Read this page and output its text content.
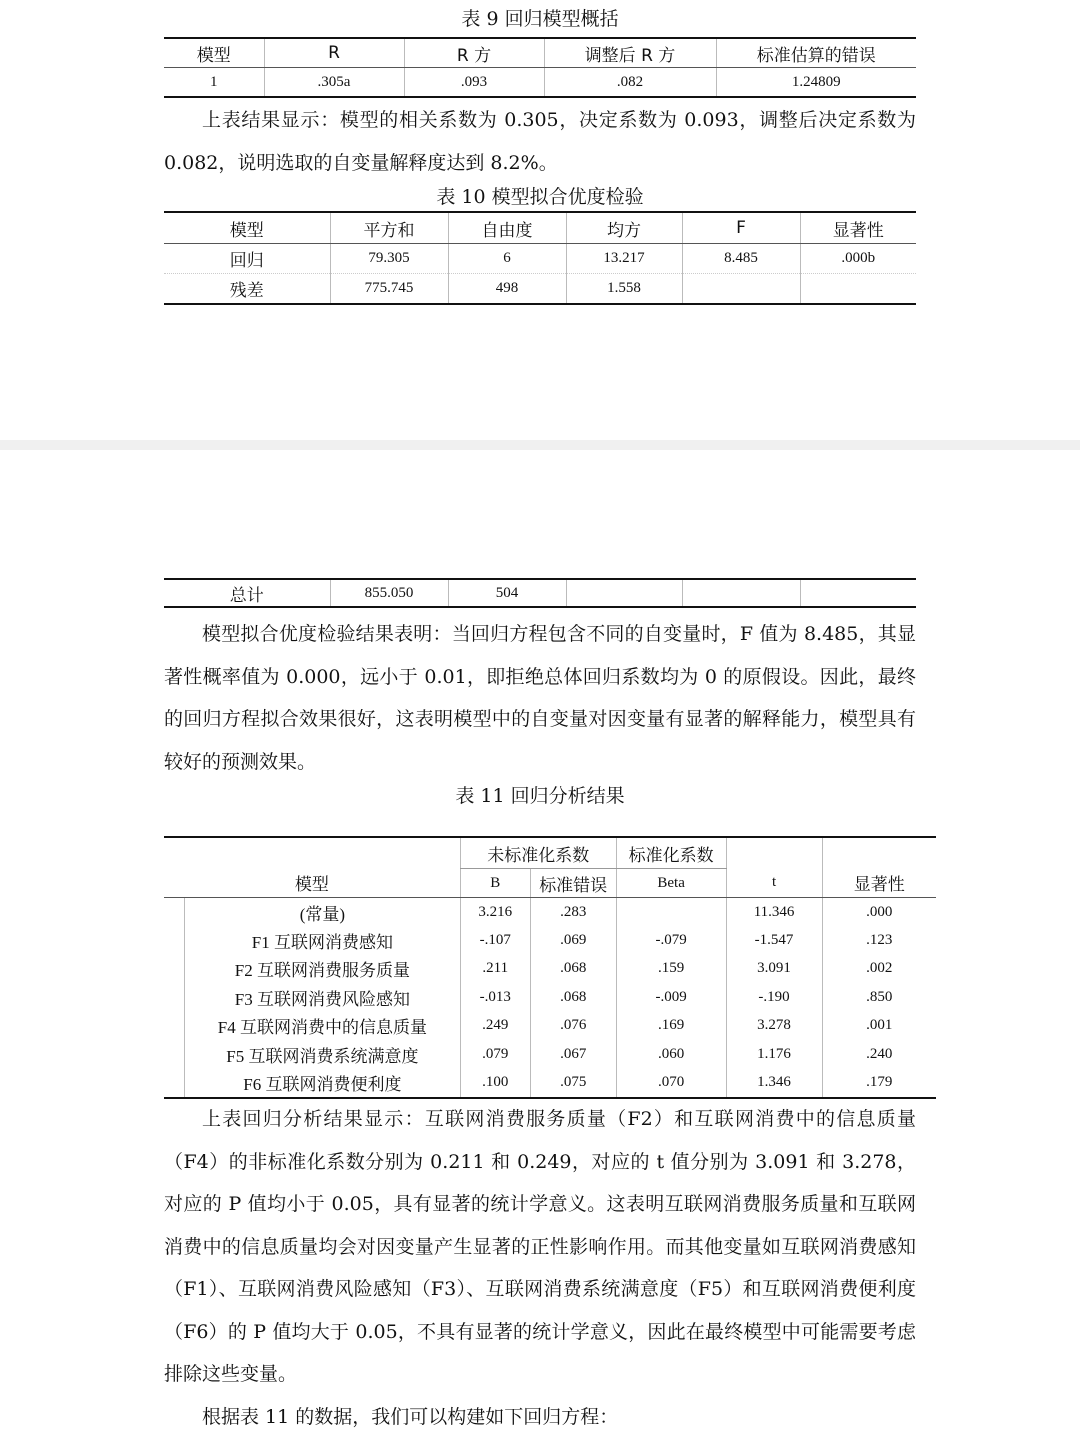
表 9 回归模型概括
模型	R	R 方	调整后 R 方	标准估算的错误
1	.305a	.093	.082	1.24809

上表结果显示：模型的相关系数为 0.305，决定系数为 0.093，调整后决定系数为 0.082，说明选取的自变量解释度达到 8.2%。

表 10 模型拟合优度检验
模型	平方和	自由度	均方	F	显著性
回归	79.305	6	13.217	8.485	.000b
残差	775.745	498	1.558		
总计	855.050	504			

模型拟合优度检验结果表明：当回归方程包含不同的自变量时，F 值为 8.485，其显著性概率值为 0.000，远小于 0.01，即拒绝总体回归系数均为 0 的原假设。因此，最终的回归方程拟合效果很好，这表明模型中的自变量对因变量有显著的解释能力，模型具有较好的预测效果。

表 11 回归分析结果
		未标准化系数		标准化系数		
模型		B	标准错误	Beta	t	显著性
	(常量)	3.216	.283		11.346	.000
	F1 互联网消费感知	-.107	.069	-.079	-1.547	.123
	F2 互联网消费服务质量	.211	.068	.159	3.091	.002
	F3 互联网消费风险感知	-.013	.068	-.009	-.190	.850
	F4 互联网消费中的信息质量	.249	.076	.169	3.278	.001
	F5 互联网消费系统满意度	.079	.067	.060	1.176	.240
	F6 互联网消费便利度	.100	.075	.070	1.346	.179

上表回归分析结果显示：互联网消费服务质量（F2）和互联网消费中的信息质量（F4）的非标准化系数分别为 0.211 和 0.249，对应的 t 值分别为 3.091 和 3.278，对应的 P 值均小于 0.05，具有显著的统计学意义。这表明互联网消费服务质量和互联网消费中的信息质量均会对因变量产生显著的正性影响作用。而其他变量如互联网消费感知（F1）、互联网消费风险感知（F3）、互联网消费系统满意度（F5）和互联网消费便利度（F6）的 P 值均大于 0.05，不具有显著的统计学意义，因此在最终模型中可能需要考虑排除这些变量。

根据表 11 的数据，我们可以构建如下回归方程：
